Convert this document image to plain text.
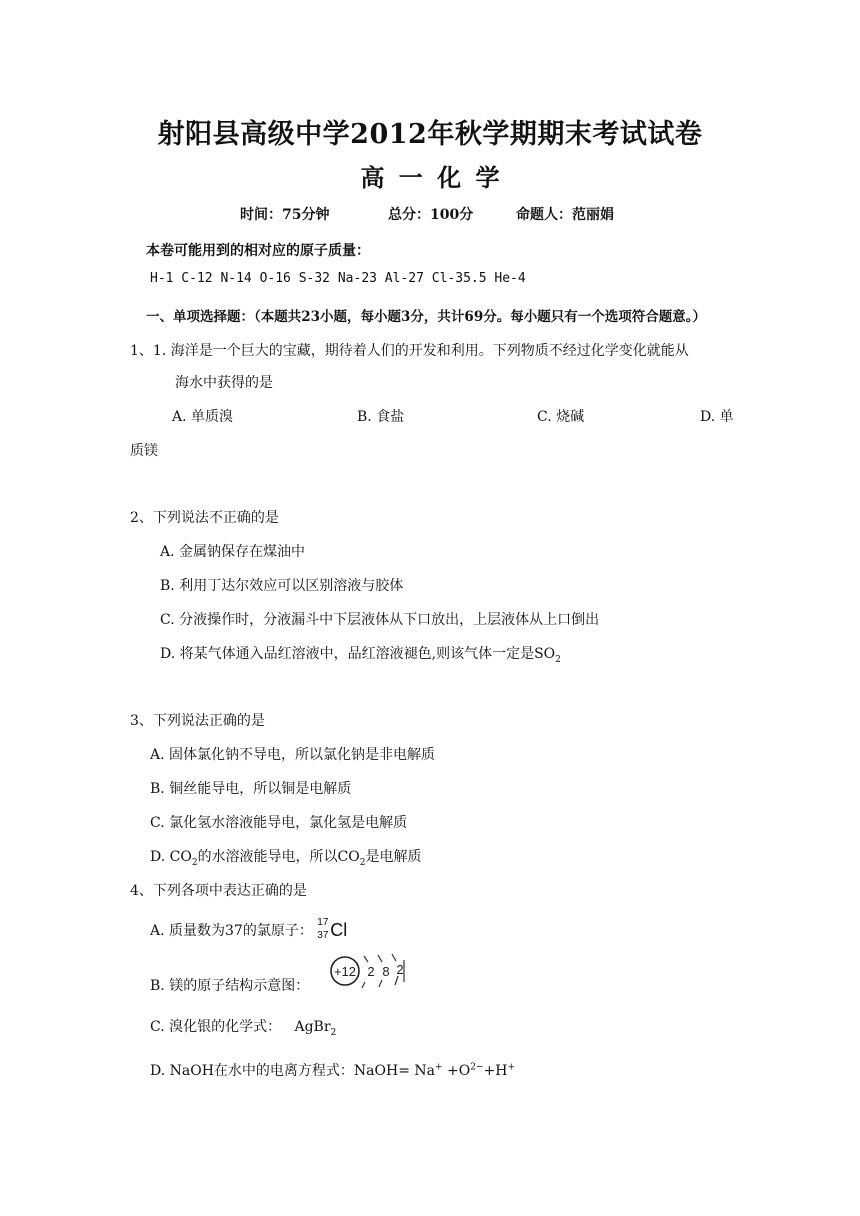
射阳县高级中学2012年秋学期期末考试试卷
高 一 化 学
时间：75分钟	总分：100分	命题人：范丽娟
本卷可能用到的相对应的原子质量：
H-1 C-12 N-14 O-16 S-32 Na-23 Al-27 Cl-35.5 He-4
一、单项选择题：（本题共23小题，每小题3分，共计69分。每小题只有一个选项符合题意。）
1、1. 海洋是一个巨大的宝藏，期待着人们的开发和利用。下列物质不经过化学变化就能从
海水中获得的是
A. 单质溴	B. 食盐	C. 烧碱	D. 单
质镁
2、下列说法不正确的是
A. 金属钠保存在煤油中
B. 利用丁达尔效应可以区别溶液与胶体
C. 分液操作时，分液漏斗中下层液体从下口放出，上层液体从上口倒出
D. 将某气体通入品红溶液中，品红溶液褪色,则该气体一定是$SO_2$
3、下列说法正确的是
A. 固体氯化钠不导电，所以氯化钠是非电解质
B. 铜丝能导电，所以铜是电解质
C. 氯化氢水溶液能导电，氯化氢是电解质
D. $CO_2$的水溶液能导电，所以$CO_2$是电解质
4、下列各项中表达正确的是
A. 质量数为37的氯原子：
17
37 Cl
B. 镁的原子结构示意图：
+12 2 8 2
C. 溴化银的化学式： AgBr$_2$
D. NaOH在水中的电离方程式：NaOH= $Na^+ +O^{2-}+H^+$
